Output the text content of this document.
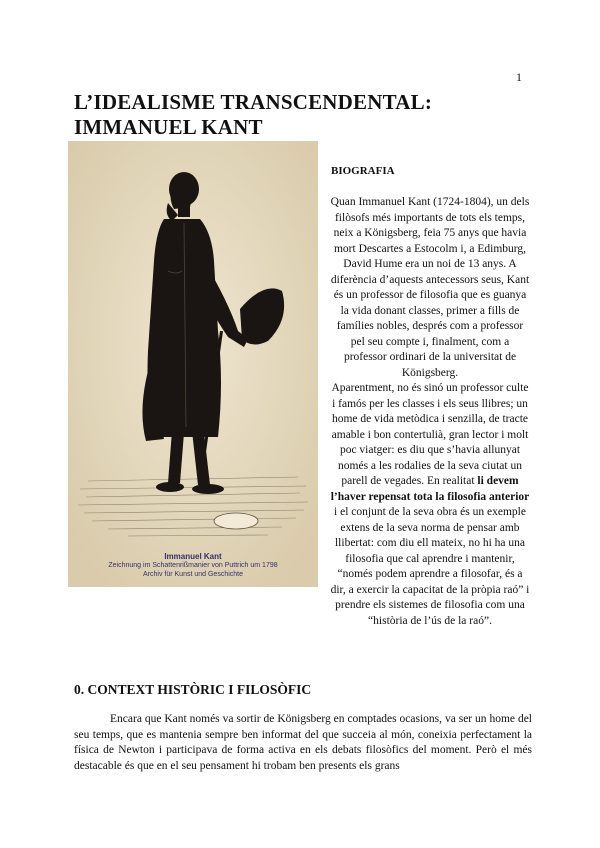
1
L’IDEALISME TRANSCENDENTAL:
IMMANUEL KANT
Immanuel Kant
Zeichnung im Schattenrißmanier von Puttrich um 1798
Archiv für Kunst und Geschichte
BIOGRAFIA

Quan Immanuel Kant (1724-1804), un dels filòsofs més importants de tots els temps, neix a Königsberg, feia 75 anys que havia mort Descartes a Estocolm i, a Edimburg, David Hume era un noi de 13 anys. A diferència d’aquests antecessors seus, Kant és un professor de filosofia que es guanya la vida donant classes, primer a fills de famílies nobles, després com a professor pel seu compte i, finalment, com a professor ordinari de la universitat de Königsberg.

Aparentment, no és sinó un professor culte i famós per les classes i els seus llibres; un home de vida metòdica i senzilla, de tracte amable i bon contertulià, gran lector i molt poc viatger: es diu que s’havia allunyat només a les rodalies de la seva ciutat un parell de vegades. En realitat li devem l’haver repensat tota la filosofia anterior i el conjunt de la seva obra és un exemple extens de la seva norma de pensar amb llibertat: com diu ell mateix, no hi ha una filosofia que cal aprendre i mantenir, “només podem aprendre a filosofar, és a dir, a exercir la capacitat de la pròpia raó” i prendre els sistemes de filosofia com una “història de l’ús de la raó”.

0. CONTEXT HISTÒRIC I FILOSÒFIC

Encara que Kant només va sortir de Königsberg en comptades ocasions, va ser un home del seu temps, que es mantenia sempre ben informat del que succeia al món, coneixia perfectament la física de Newton i participava de forma activa en els debats filosòfics del moment. Però el més destacable és que en el seu pensament hi trobam ben presents els grans
